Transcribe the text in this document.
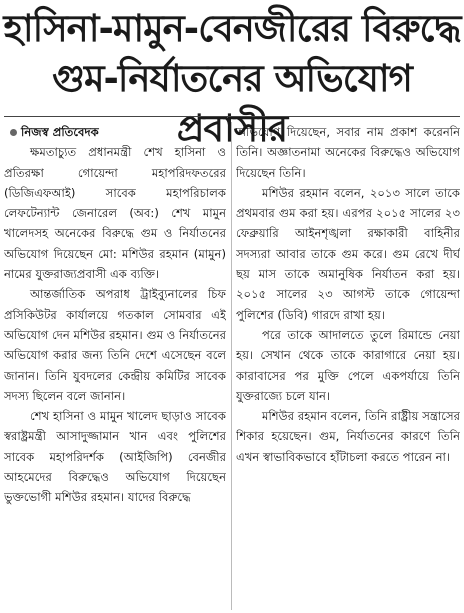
হাসিনা-মামুন-বেনজীরের বিরুদ্ধে
গুম-নির্যাতনের অভিযোগ প্রবাসীর
নিজস্ব প্রতিবেদক

ক্ষমতাচ্যুত প্রধানমন্ত্রী শেখ হাসিনা ও প্রতিরক্ষা গোয়েন্দা মহাপরিদফতরের (ডিজিএফআই) সাবেক মহাপরিচালক লেফটেন্যান্ট জেনারেল (অব:) শেখ মামুন খালেদসহ অনেকের বিরুদ্ধে গুম ও নির্যাতনের অভিযোগ দিয়েছেন মো: মশিউর রহমান (মামুন) নামের যুক্তরাজ্যপ্রবাসী এক ব্যক্তি।

আন্তর্জাতিক অপরাধ ট্রাইব্যুনালের চিফ প্রসিকিউটর কার্যালয়ে গতকাল সোমবার এই অভিযোগ দেন মশিউর রহমান। গুম ও নির্যাতনের অভিযোগ করার জন্য তিনি দেশে এসেছেন বলে জানান। তিনি যুবদলের কেন্দ্রীয় কমিটির সাবেক সদস্য ছিলেন বলে জানান।

শেখ হাসিনা ও মামুন খালেদ ছাড়াও সাবেক স্বরাষ্ট্রমন্ত্রী আসাদুজ্জামান খান এবং পুলিশের সাবেক মহাপরিদর্শক (আইজিপি) বেনজীর আহমেদের বিরুদ্ধেও অভিযোগ দিয়েছেন ভুক্তভোগী মশিউর রহমান। যাদের বিরুদ্ধে

অভিযোগ দিয়েছেন, সবার নাম প্রকাশ করেননি তিনি। অজ্ঞাতনামা অনেকের বিরুদ্ধেও অভিযোগ দিয়েছেন তিনি।

মশিউর রহমান বলেন, ২০১৩ সালে তাকে প্রথমবার গুম করা হয়। এরপর ২০১৫ সালের ২৩ ফেব্রুয়ারি আইনশৃঙ্খলা রক্ষাকারী বাহিনীর সদস্যরা আবার তাকে গুম করে। গুম রেখে দীর্ঘ ছয় মাস তাকে অমানুষিক নির্যাতন করা হয়। ২০১৫ সালের ২৩ আগস্ট তাকে গোয়েন্দা পুলিশের (ডিবি) গারদে রাখা হয়।

পরে তাকে আদালতে তুলে রিমান্ডে নেয়া হয়। সেখান থেকে তাকে কারাগারে নেয়া হয়। কারাবাসের পর মুক্তি পেলে একপর্যায়ে তিনি যুক্তরাজ্যে চলে যান।

মশিউর রহমান বলেন, তিনি রাষ্ট্রীয় সন্ত্রাসের শিকার হয়েছেন। গুম, নির্যাতনের কারণে তিনি এখন স্বাভাবিকভাবে হাঁটাচলা করতে পারেন না।
